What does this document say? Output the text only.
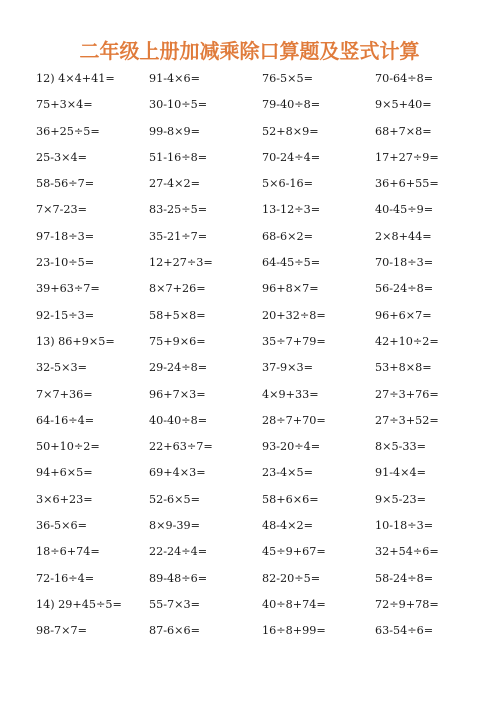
二年级上册加减乘除口算题及竖式计算
12) 4×4+41=	91-4×6=	76-5×5=	70-64÷8=
75+3×4=	30-10÷5=	79-40÷8=	9×5+40=
36+25÷5=	99-8×9=	52+8×9=	68+7×8=
25-3×4=	51-16÷8=	70-24÷4=	17+27÷9=
58-56÷7=	27-4×2=	5×6-16=	36+6+55=
7×7-23=	83-25÷5=	13-12÷3=	40-45÷9=
97-18÷3=	35-21÷7=	68-6×2=	2×8+44=
23-10÷5=	12+27÷3=	64-45÷5=	70-18÷3=
39+63÷7=	8×7+26=	96+8×7=	56-24÷8=
92-15÷3=	58+5×8=	20+32÷8=	96+6×7=
13) 86+9×5=	75+9×6=	35÷7+79=	42+10÷2=
32-5×3=	29-24÷8=	37-9×3=	53+8×8=
7×7+36=	96+7×3=	4×9+33=	27÷3+76=
64-16÷4=	40-40÷8=	28÷7+70=	27÷3+52=
50+10÷2=	22+63÷7=	93-20÷4=	8×5-33=
94+6×5=	69+4×3=	23-4×5=	91-4×4=
3×6+23=	52-6×5=	58+6×6=	9×5-23=
36-5×6=	8×9-39=	48-4×2=	10-18÷3=
18÷6+74=	22-24÷4=	45÷9+67=	32+54÷6=
72-16÷4=	89-48÷6=	82-20÷5=	58-24÷8=
14) 29+45÷5= 55-7×3=	40÷8+74=	72÷9+78=
98-7×7=	87-6×6=	16÷8+99=	63-54÷6=
